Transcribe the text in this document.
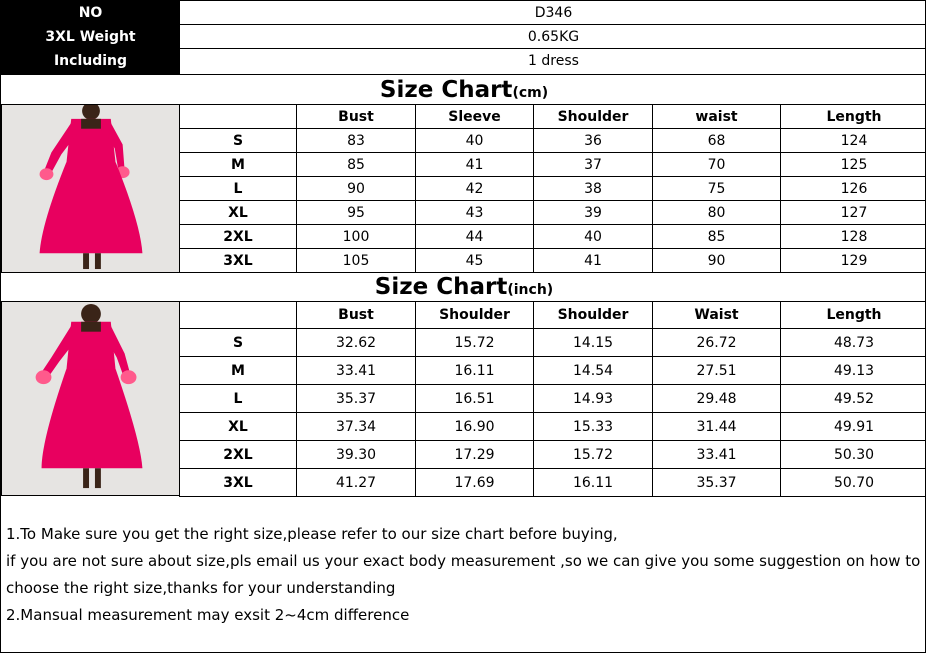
NO	D346
3XL Weight	0.65KG
Including	1 dress
Size Chart(cm)
	Bust	Sleeve	Shoulder	waist	Length
S	83	40	36	68	124
M	85	41	37	70	125
L	90	42	38	75	126
XL	95	43	39	80	127
2XL	100	44	40	85	128
3XL	105	45	41	90	129
Size Chart(inch)
	Bust	Shoulder	Shoulder	Waist	Length
S	32.62	15.72	14.15	26.72	48.73
M	33.41	16.11	14.54	27.51	49.13
L	35.37	16.51	14.93	29.48	49.52
XL	37.34	16.90	15.33	31.44	49.91
2XL	39.30	17.29	15.72	33.41	50.30
3XL	41.27	17.69	16.11	35.37	50.70
1.To Make sure you get the right size,please refer to our size chart before buying,
if you are not sure about size,pls email us your exact body measurement ,so we can give you some suggestion on how to
choose the right size,thanks for your understanding
2.Mansual measurement may exsit 2~4cm difference
